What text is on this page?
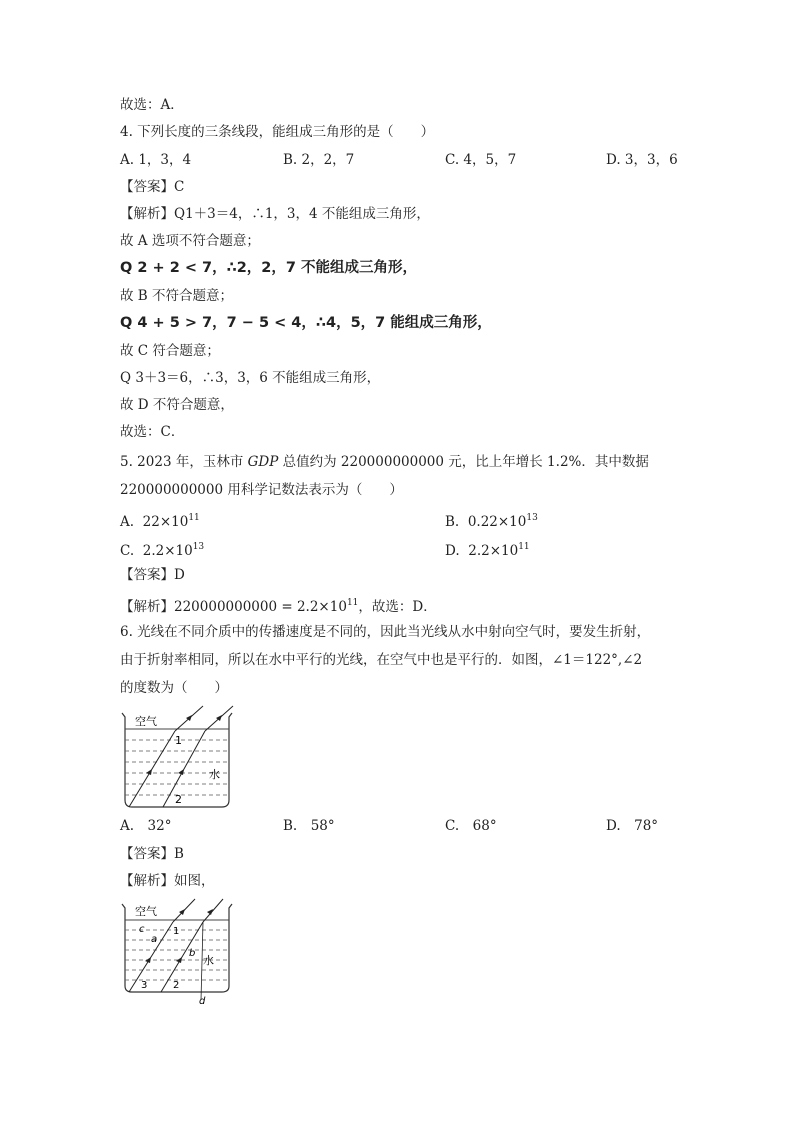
故选：A．
4. 下列长度的三条线段，能组成三角形的是（　　）
A. 1，3，4	B. 2，2，7	C. 4，5，7	D. 3，3，6
【答案】C
【解析】Q1＋3＝4，∴1，3，4 不能组成三角形，
故 A 选项不符合题意；
Q 2 + 2 < 7，∴2，2，7 不能组成三角形，
故 B 不符合题意；
Q 4 + 5 > 7，7 − 5 < 4，∴4，5，7 能组成三角形，
故 C 符合题意；
Q 3＋3＝6，∴3，3，6 不能组成三角形，
故 D 不符合题意，
故选：C．
5. 2023 年，玉林市 GDP 总值约为 220000000000 元，比上年增长 1.2%．其中数据
220000000000 用科学记数法表示为（　　）
A. $22\times 10^{11}$	B. $0.22\times 10^{13}$
C. $2.2\times 10^{13}$	D. $2.2\times 10^{11}$
【答案】D
【解析】$220000000000 = 2.2\times 10^{11}$，故选：D．
6. 光线在不同介质中的传播速度是不同的，因此当光线从水中射向空气时，要发生折射，
由于折射率相同，所以在水中平行的光线，在空气中也是平行的．如图，∠1＝122°,∠2
的度数为（　　）
空气
水
1
2
A.　32°	B.　58°	C.　68°	D.　78°
【答案】B
【解析】如图，
空气
水
1
2
3
a
b
c
d
